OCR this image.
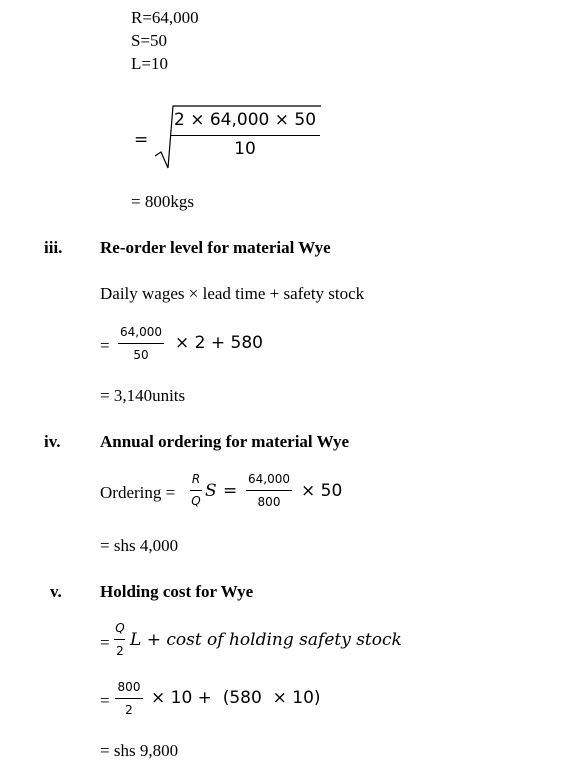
R=64,000
S=50
L=10
=
2 × 64,000 × 50
10
= 800kgs
iii. Re-order level for material Wye
Daily wages × lead time + safety stock
=
64,000
50
× 2 + 580
= 3,140units
iv. Annual ordering for material Wye
Ordering =
R
Q S =
64,000
800
× 50
= shs 4,000
v. Holding cost for Wye
=
Q
2
L + cost of holding safety stock
=
800
2
× 10 +  (580  × 10)
= shs 9,800
